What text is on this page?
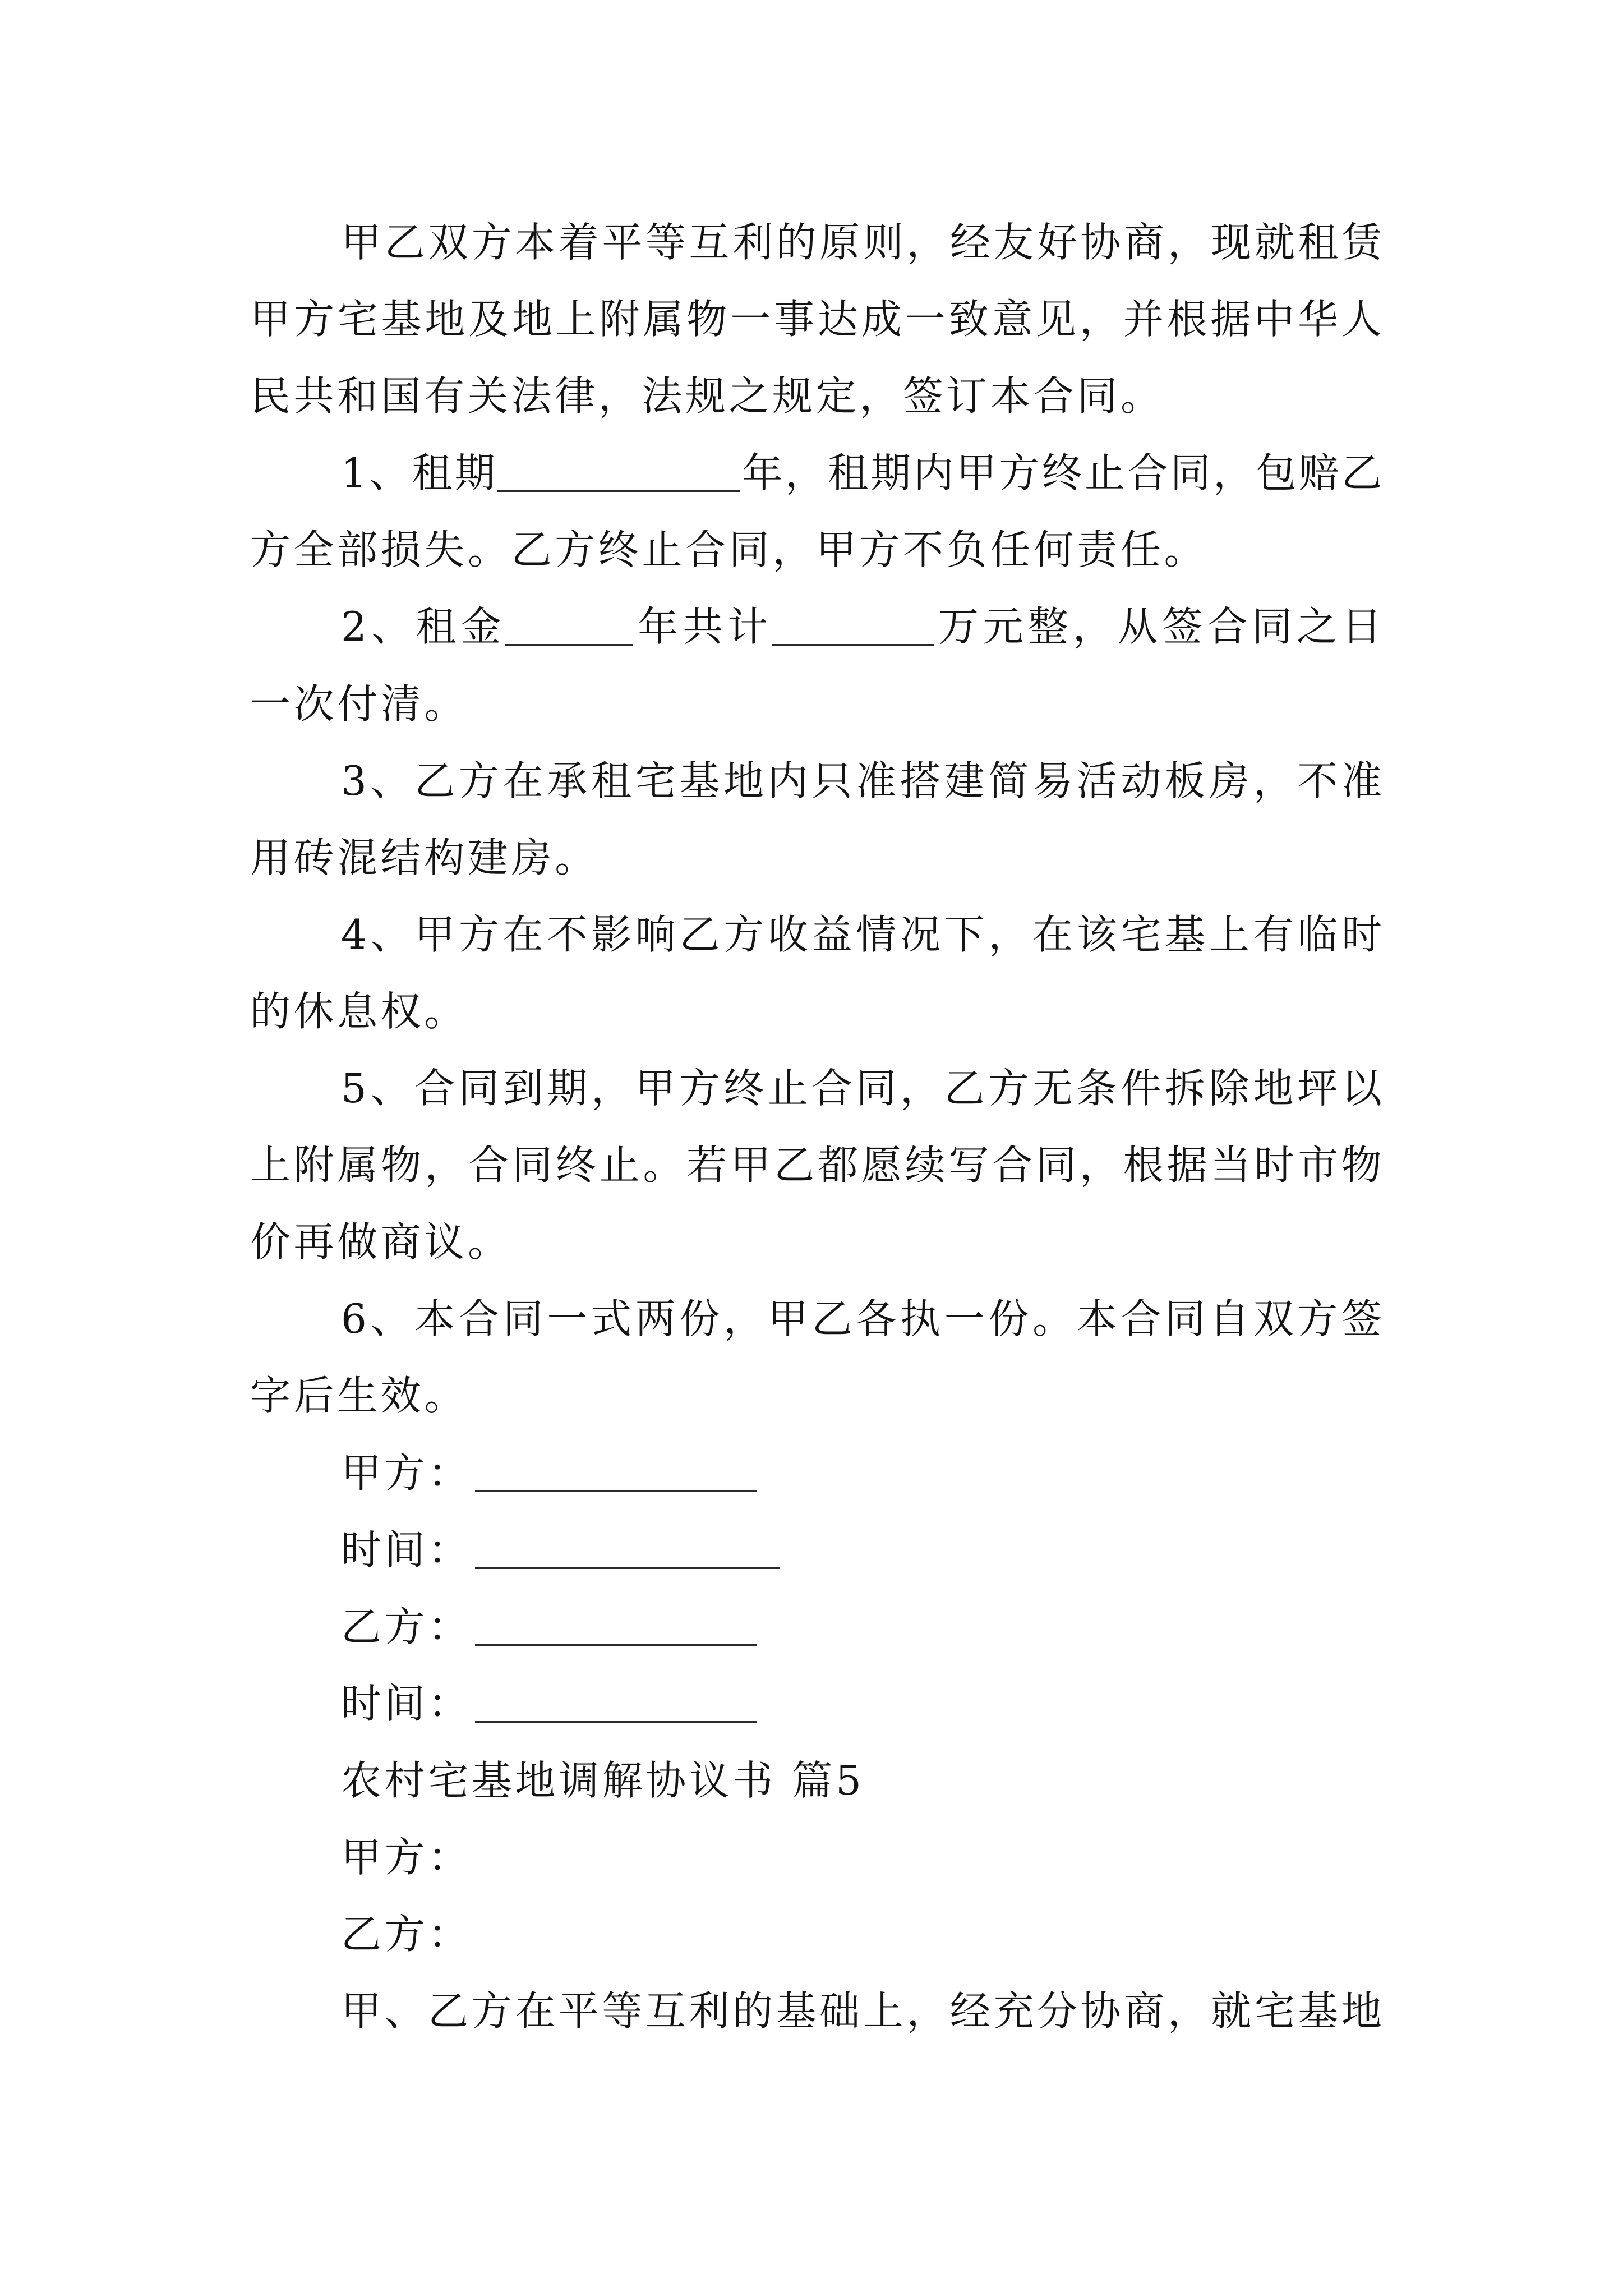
甲乙双方本着平等互利的原则，经友好协商，现就租赁
甲方宅基地及地上附属物一事达成一致意见，并根据中华人
民共和国有关法律，法规之规定，签订本合同。
1、租期	年，租期内甲方终止合同，包赔乙
方全部损失。乙方终止合同，甲方不负任何责任。
2、租金	年共计	万元整，从签合同之日
一次付清。
3、乙方在承租宅基地内只准搭建简易活动板房，不准
用砖混结构建房。
4、甲方在不影响乙方收益情况下，在该宅基上有临时
的休息权。
5、合同到期，甲方终止合同，乙方无条件拆除地坪以
上附属物，合同终止。若甲乙都愿续写合同，根据当时市物
价再做商议。
6、本合同一式两份，甲乙各执一份。本合同自双方签
字后生效。
甲方：
时间：
乙方：
时间：
农村宅基地调解协议书 篇5
甲方：
乙方：
甲、乙方在平等互利的基础上，经充分协商，就宅基地
